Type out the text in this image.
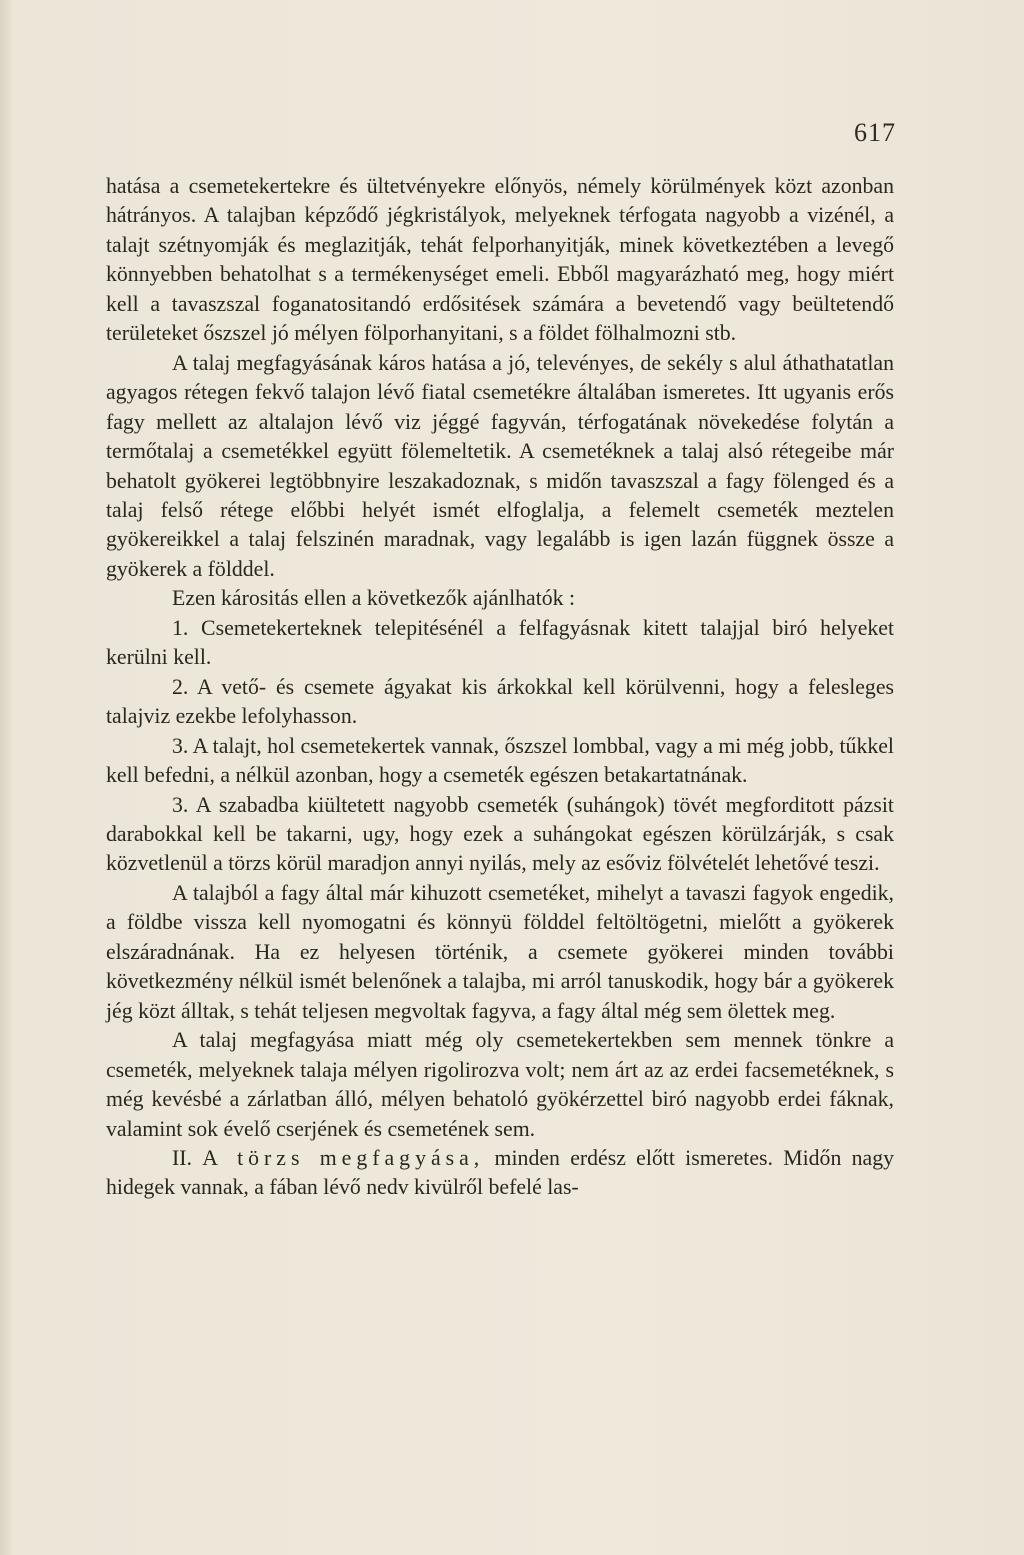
617

hatása a csemetekertekre és ültetvényekre előnyös, némely körülmények közt azonban hátrányos. A talajban képződő jégkristályok, melyeknek térfogata nagyobb a vizénél, a talajt szétnyomják és meglazitják, tehát felporhanyitják, minek következtében a levegő könnyebben behatolhat s a termékenységet emeli. Ebből magyarázható meg, hogy miért kell a tavaszszal foganatositandó erdősitések számára a bevetendő vagy beültetendő területeket őszszel jó mélyen fölporhanyitani, s a földet fölhalmozni stb.

A talaj megfagyásának káros hatása a jó, televényes, de sekély s alul áthathatatlan agyagos rétegen fekvő talajon lévő fiatal csemetékre általában ismeretes. Itt ugyanis erős fagy mellett az altalajon lévő viz jéggé fagyván, térfogatának növekedése folytán a termőtalaj a csemetékkel együtt fölemeltetik. A csemetéknek a talaj alsó rétegeibe már behatolt gyökerei legtöbbnyire leszakadoznak, s midőn tavaszszal a fagy fölenged és a talaj felső rétege előbbi helyét ismét elfoglalja, a felemelt csemeték meztelen gyökereikkel a talaj felszinén maradnak, vagy legalább is igen lazán függnek össze a gyökerek a földdel.

Ezen kárositás ellen a következők ajánlhatók :

1. Csemetekerteknek telepitésénél a felfagyásnak kitett talajjal biró helyeket kerülni kell.

2. A vető- és csemete ágyakat kis árkokkal kell körülvenni, hogy a felesleges talajviz ezekbe lefolyhasson.

3. A talajt, hol csemetekertek vannak, őszszel lombbal, vagy a mi még jobb, tűkkel kell befedni, a nélkül azonban, hogy a csemeték egészen betakartatnának.

3. A szabadba kiültetett nagyobb csemeték (suhángok) tövét megforditott pázsit darabokkal kell be takarni, ugy, hogy ezek a suhángokat egészen körülzárják, s csak közvetlenül a törzs körül maradjon annyi nyilás, mely az esőviz fölvételét lehetővé teszi.

A talajból a fagy által már kihuzott csemetéket, mihelyt a tavaszi fagyok engedik, a földbe vissza kell nyomogatni és könnyü földdel feltöltögetni, mielőtt a gyökerek elszáradnának. Ha ez helyesen történik, a csemete gyökerei minden további következmény nélkül ismét belenőnek a talajba, mi arról tanuskodik, hogy bár a gyökerek jég közt álltak, s tehát teljesen megvoltak fagyva, a fagy által még sem ölettek meg.

A talaj megfagyása miatt még oly csemetekertekben sem mennek tönkre a csemeték, melyeknek talaja mélyen rigolirozva volt; nem árt az az erdei facsemetéknek, s még kevésbé a zárlatban álló, mélyen behatoló gyökérzettel biró nagyobb erdei fáknak, valamint sok évelő cserjének és csemetének sem.

II. A törzs megfagyása, minden erdész előtt ismeretes. Midőn nagy hidegek vannak, a fában lévő nedv kivülről befelé las-
